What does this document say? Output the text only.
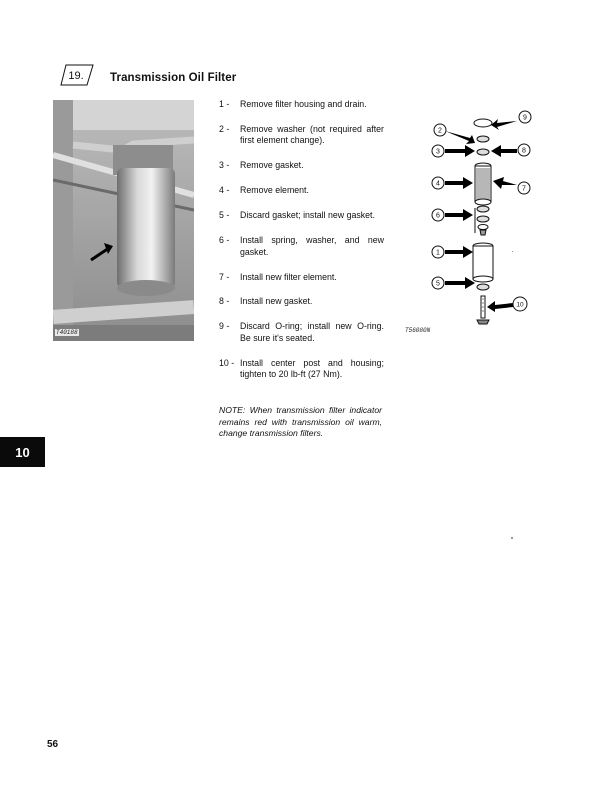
19. Transmission Oil Filter
T40188
1 -	Remove filter housing and drain.
2 -	Remove washer (not required after first element change).
3 -	Remove gasket.
4 -	Remove element.
5 -	Discard gasket; install new gasket.
6 -	Install spring, washer, and new gasket.
7 -	Install new filter element.
8 -	Install new gasket.
9 -	Discard O-ring; install new O-ring. Be sure it's seated.
10 - Install center post and housing; tighten to 20 lb-ft (27 Nm).
NOTE: When transmission filter indicator remains red with transmission oil warm, change transmission filters.
9
2
3	8
4
7
6
1
5
10
T56080N
10
56
